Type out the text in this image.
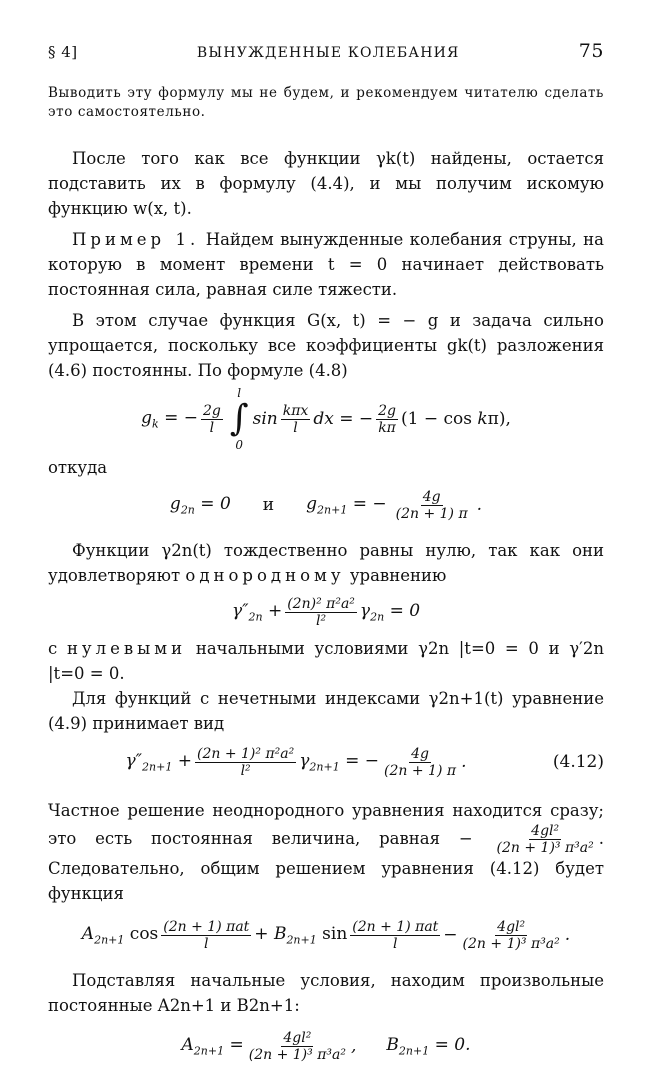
§ 4]	ВЫНУЖДЕННЫЕ КОЛЕБАНИЯ	75

Выводить эту формулу мы не будем, и рекомендуем читателю сделать это самостоятельно.

После того как все функции γk(t) найдены, остается подставить их в формулу (4.4), и мы получим искомую функцию w(x, t).

Пример 1. Найдем вынужденные колебания струны, на которую в момент времени t = 0 начинает действовать постоянная сила, равная силе тяжести.

В этом случае функция G(x, t) = − g и задача сильно упрощается, поскольку все коэффициенты gk(t) разложения (4.6) постоянны. По формуле (4.8)

$g_k$ = − $\frac{2g}{l}$
l
∫
0
$\sin \frac{\text{kπx}}{l}$ dx = − $\frac{2g}{k\pi} (1 - \cos k\pi)$,

откуда

$g_{2n} = 0$ и $g_{2n+1}$ = − $\frac{4g}{(2n + 1) \pi}$ .

Функции γ2n(t) тождественно равны нулю, так как они удовлетворяют однородному уравнению

$\gamma''_{2n} + \frac{\text{(2n)² π²a²}}{\text{l²}} \gamma_{2n} = 0$

с нулевыми начальными условиями γ2n |t=0 = 0 и γ′2n |t=0 = 0.

Для функций с нечетными индексами γ2n+1(t) уравнение (4.9) принимает вид

$\gamma''_{2n+1} + \frac{\text{(2n + 1)² π²a²}}{\text{l²}} \gamma_{2n+1}$ = − $\frac{4g}{(2n + 1) \pi}$ .	(4.12)

Частное решение неоднородного уравнения находится сразу; это есть постоянная величина, равная − $\frac{\text{4gl²}}{\text{(2n + 1)³ π³a²}}$ . Следовательно, общим решением уравнения (4.12) будет функция

$A_{2n+1}$ $\cos \frac{\text{(2n + 1) πat}}{l} + B_{2n+1}$ $\sin \frac{\text{(2n + 1) πat}}{l} - \frac{\text{4gl²}}{\text{(2n + 1)³ π³a²}}$ .

Подставляя начальные условия, находим произвольные постоянные A2n+1 и B2n+1:

$A_{2n+1} = \frac{\text{4gl²}}{\text{(2n + 1)³ π³a²}}$ , $B_{2n+1} = 0$.
